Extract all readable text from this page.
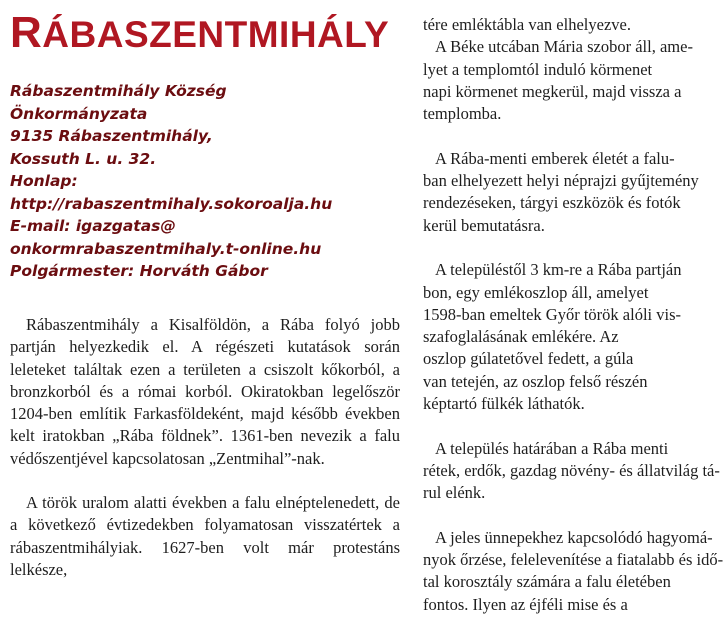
RÁBASZENTMIHÁLY
Rábaszentmihály Község
Önkormányzata
9135 Rábaszentmihály,
Kossuth L. u. 32.
Honlap:
http://rabaszentmihaly.sokoroalja.hu
E-mail: igazgatas@
onkormrabaszentmihaly.t-online.hu
Polgármester: Horváth Gábor

Rábaszentmihály a Kisalföldön, a Rába folyó jobb partján helyezkedik el. A régészeti kutatások során leleteket találtak ezen a területen a csiszolt kőkorból, a bronzkorból és a római korból. Okiratokban legelőször 1204-ben említik Farkasföldeként, majd később években kelt iratokban „Rába földnek”. 1361-ben nevezik a falu védőszentjével kapcsolatosan „Zentmihal”-nak.

A török uralom alatti években a falu elnéptelenedett, de a következő évtizedekben folyamatosan visszatértek a rábaszentmihályiak. 1627-ben volt már protestáns lelkésze,

tére emléktábla van elhelyezve.
A Béke utcában Mária szobor áll, ame-
lyet a templomtól induló körmenet
napi körmenet megkerül, majd vissza a
templomba.
A Rába-menti emberek életét a falu-
ban elhelyezett helyi néprajzi gyűjtemény
rendezéseken, tárgyi eszközök és fotók
kerül bemutatásra.
A településtől 3 km-re a Rába partján
bon, egy emlékoszlop áll, amelyet
1598-ban emeltek Győr török alóli vis-
szafoglalásának emlékére. Az
oszlop gúlatetővel fedett, a gúla
van tetején, az oszlop felső részén
képtartó fülkék láthatók.
A település határában a Rába menti
rétek, erdők, gazdag növény- és állatvilág tá-
rul elénk.
A jeles ünnepekhez kapcsolódó hagyomá-
nyok őrzése, felelevenítése a fiatalabb és idő-
tal korosztály számára a falu életében
fontos. Ilyen az éjféli mise és a
